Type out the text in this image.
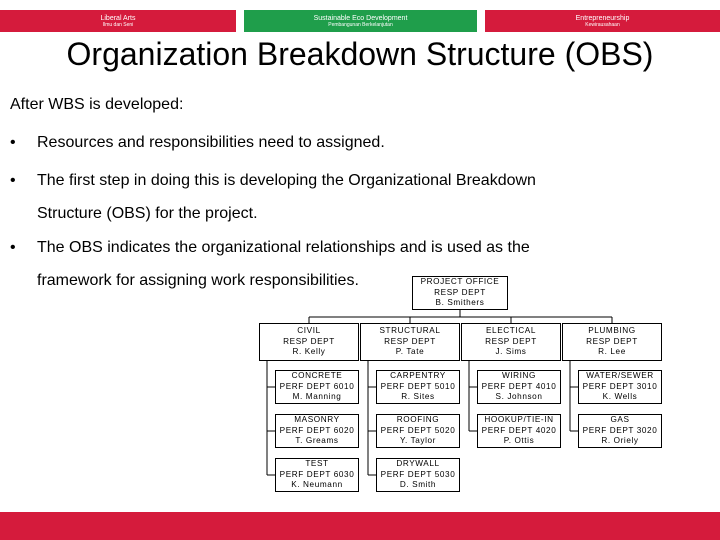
Liberal Arts
Ilmu dan Seni
Sustainable Eco Development
Pembangunan Berkelanjutan
Entrepreneurship
Kewirausahaan
Organization Breakdown Structure (OBS)
After WBS is developed:
• Resources and responsibilities need to assigned.
• The first step in doing this is developing the Organizational Breakdown
Structure (OBS) for the project.
• The OBS indicates the organizational relationships and is used as the
framework for assigning work responsibilities.	PROJECT OFFICE
RESP DEPT
B. Smithers
CIVIL
RESP DEPT
R. Kelly
CONCRETE
PERF DEPT 6010
M. Manning
MASONRY
PERF DEPT 6020
T. Greams
TEST
PERF DEPT 6030
K. Neumann
STRUCTURAL
RESP DEPT
P. Tate
CARPENTRY
PERF DEPT 5010
R. Sites
ROOFING
PERF DEPT 5020
Y. Taylor
DRYWALL
PERF DEPT 5030
D. Smith
ELECTICAL
RESP DEPT
J. Sims
WIRING
PERF DEPT 4010
S. Johnson
HOOKUP/TIE-IN
PERF DEPT 4020
P. Ottis
PLUMBING
RESP DEPT
R. Lee
WATER/SEWER
PERF DEPT 3010
K. Wells
GAS
PERF DEPT 3020
R. Oriely
